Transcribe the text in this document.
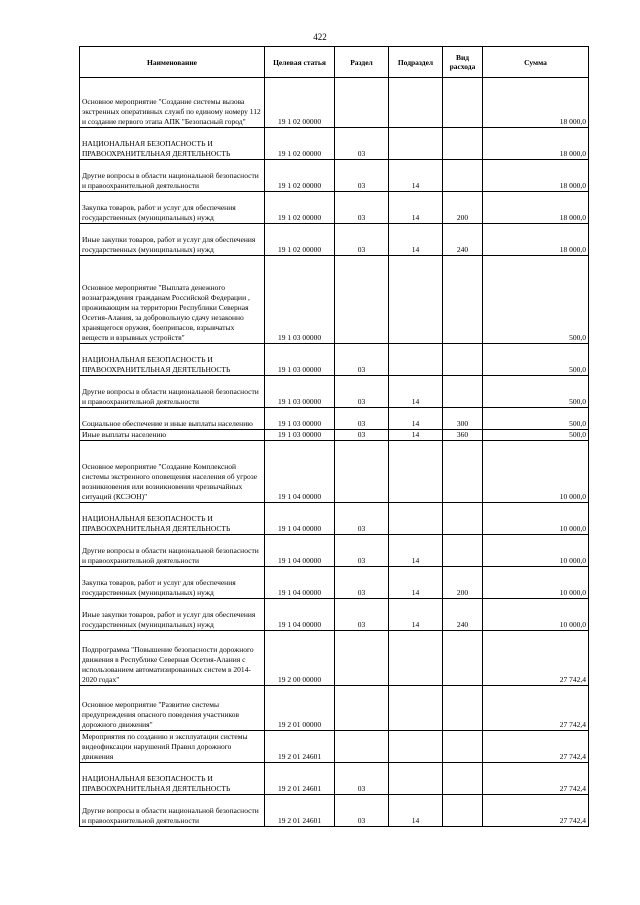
422
Наименование	Целевая статья	Раздел	Подраздел	Вид расхода	Сумма
Основное мероприятие "Создание системы вызова экстренных оперативных служб по единому номеру 112 и создание первого этапа АПК "Безопасный город"	19 1 02 00000				18 000,0
НАЦИОНАЛЬНАЯ БЕЗОПАСНОСТЬ И ПРАВООХРАНИТЕЛЬНАЯ ДЕЯТЕЛЬНОСТЬ	19 1 02 00000	03			18 000,0
Другие вопросы в области национальной безопасности и правоохранительной деятельности	19 1 02 00000	03	14		18 000,0
Закупка товаров, работ и услуг для обеспечения государственных (муниципальных) нужд	19 1 02 00000	03	14	200	18 000,0
Иные закупки товаров, работ и услуг для обеспечения государственных (муниципальных) нужд	19 1 02 00000	03	14	240	18 000,0
Основное мероприятие "Выплата денежного вознаграждения гражданам Российской Федерации , проживающим на территории Республики Северная Осетия-Алания, за добровольную сдачу незаконно хранящегося оружия, боеприпасов, взрывчатых веществ и взрывных устройств"	19 1 03 00000				500,0
НАЦИОНАЛЬНАЯ БЕЗОПАСНОСТЬ И ПРАВООХРАНИТЕЛЬНАЯ ДЕЯТЕЛЬНОСТЬ	19 1 03 00000	03			500,0
Другие вопросы в области национальной безопасности и правоохранительной деятельности	19 1 03 00000	03	14		500,0
Социальное обеспечение и иные выплаты населению	19 1 03 00000	03	14	300	500,0
Иные выплаты населению	19 1 03 00000	03	14	360	500,0
Основное мероприятие "Создание Комплексной системы экстренного оповещения населения об угрозе возникновения или возникновении чрезвычайных ситуаций (КСЭОН)"	19 1 04 00000				10 000,0
НАЦИОНАЛЬНАЯ БЕЗОПАСНОСТЬ И ПРАВООХРАНИТЕЛЬНАЯ ДЕЯТЕЛЬНОСТЬ	19 1 04 00000	03			10 000,0
Другие вопросы в области национальной безопасности и правоохранительной деятельности	19 1 04 00000	03	14		10 000,0
Закупка товаров, работ и услуг для обеспечения государственных (муниципальных) нужд	19 1 04 00000	03	14	200	10 000,0
Иные закупки товаров, работ и услуг для обеспечения государственных (муниципальных) нужд	19 1 04 00000	03	14	240	10 000,0
Подпрограмма "Повышение безопасности дорожного движения в Республике Северная Осетия-Алания с использованием автоматизированных систем в 2014-2020 годах"	19 2 00 00000				27 742,4
Основное мероприятие "Развитие системы предупреждения опасного поведения участников дорожного движения"	19 2 01 00000				27 742,4
Мероприятия по созданию и эксплуатации системы видеофиксации нарушений Правил дорожного движения	19 2 01 24601				27 742,4
НАЦИОНАЛЬНАЯ БЕЗОПАСНОСТЬ И ПРАВООХРАНИТЕЛЬНАЯ ДЕЯТЕЛЬНОСТЬ	19 2 01 24601	03			27 742,4
Другие вопросы в области национальной безопасности и правоохранительной деятельности	19 2 01 24601	03	14		27 742,4
